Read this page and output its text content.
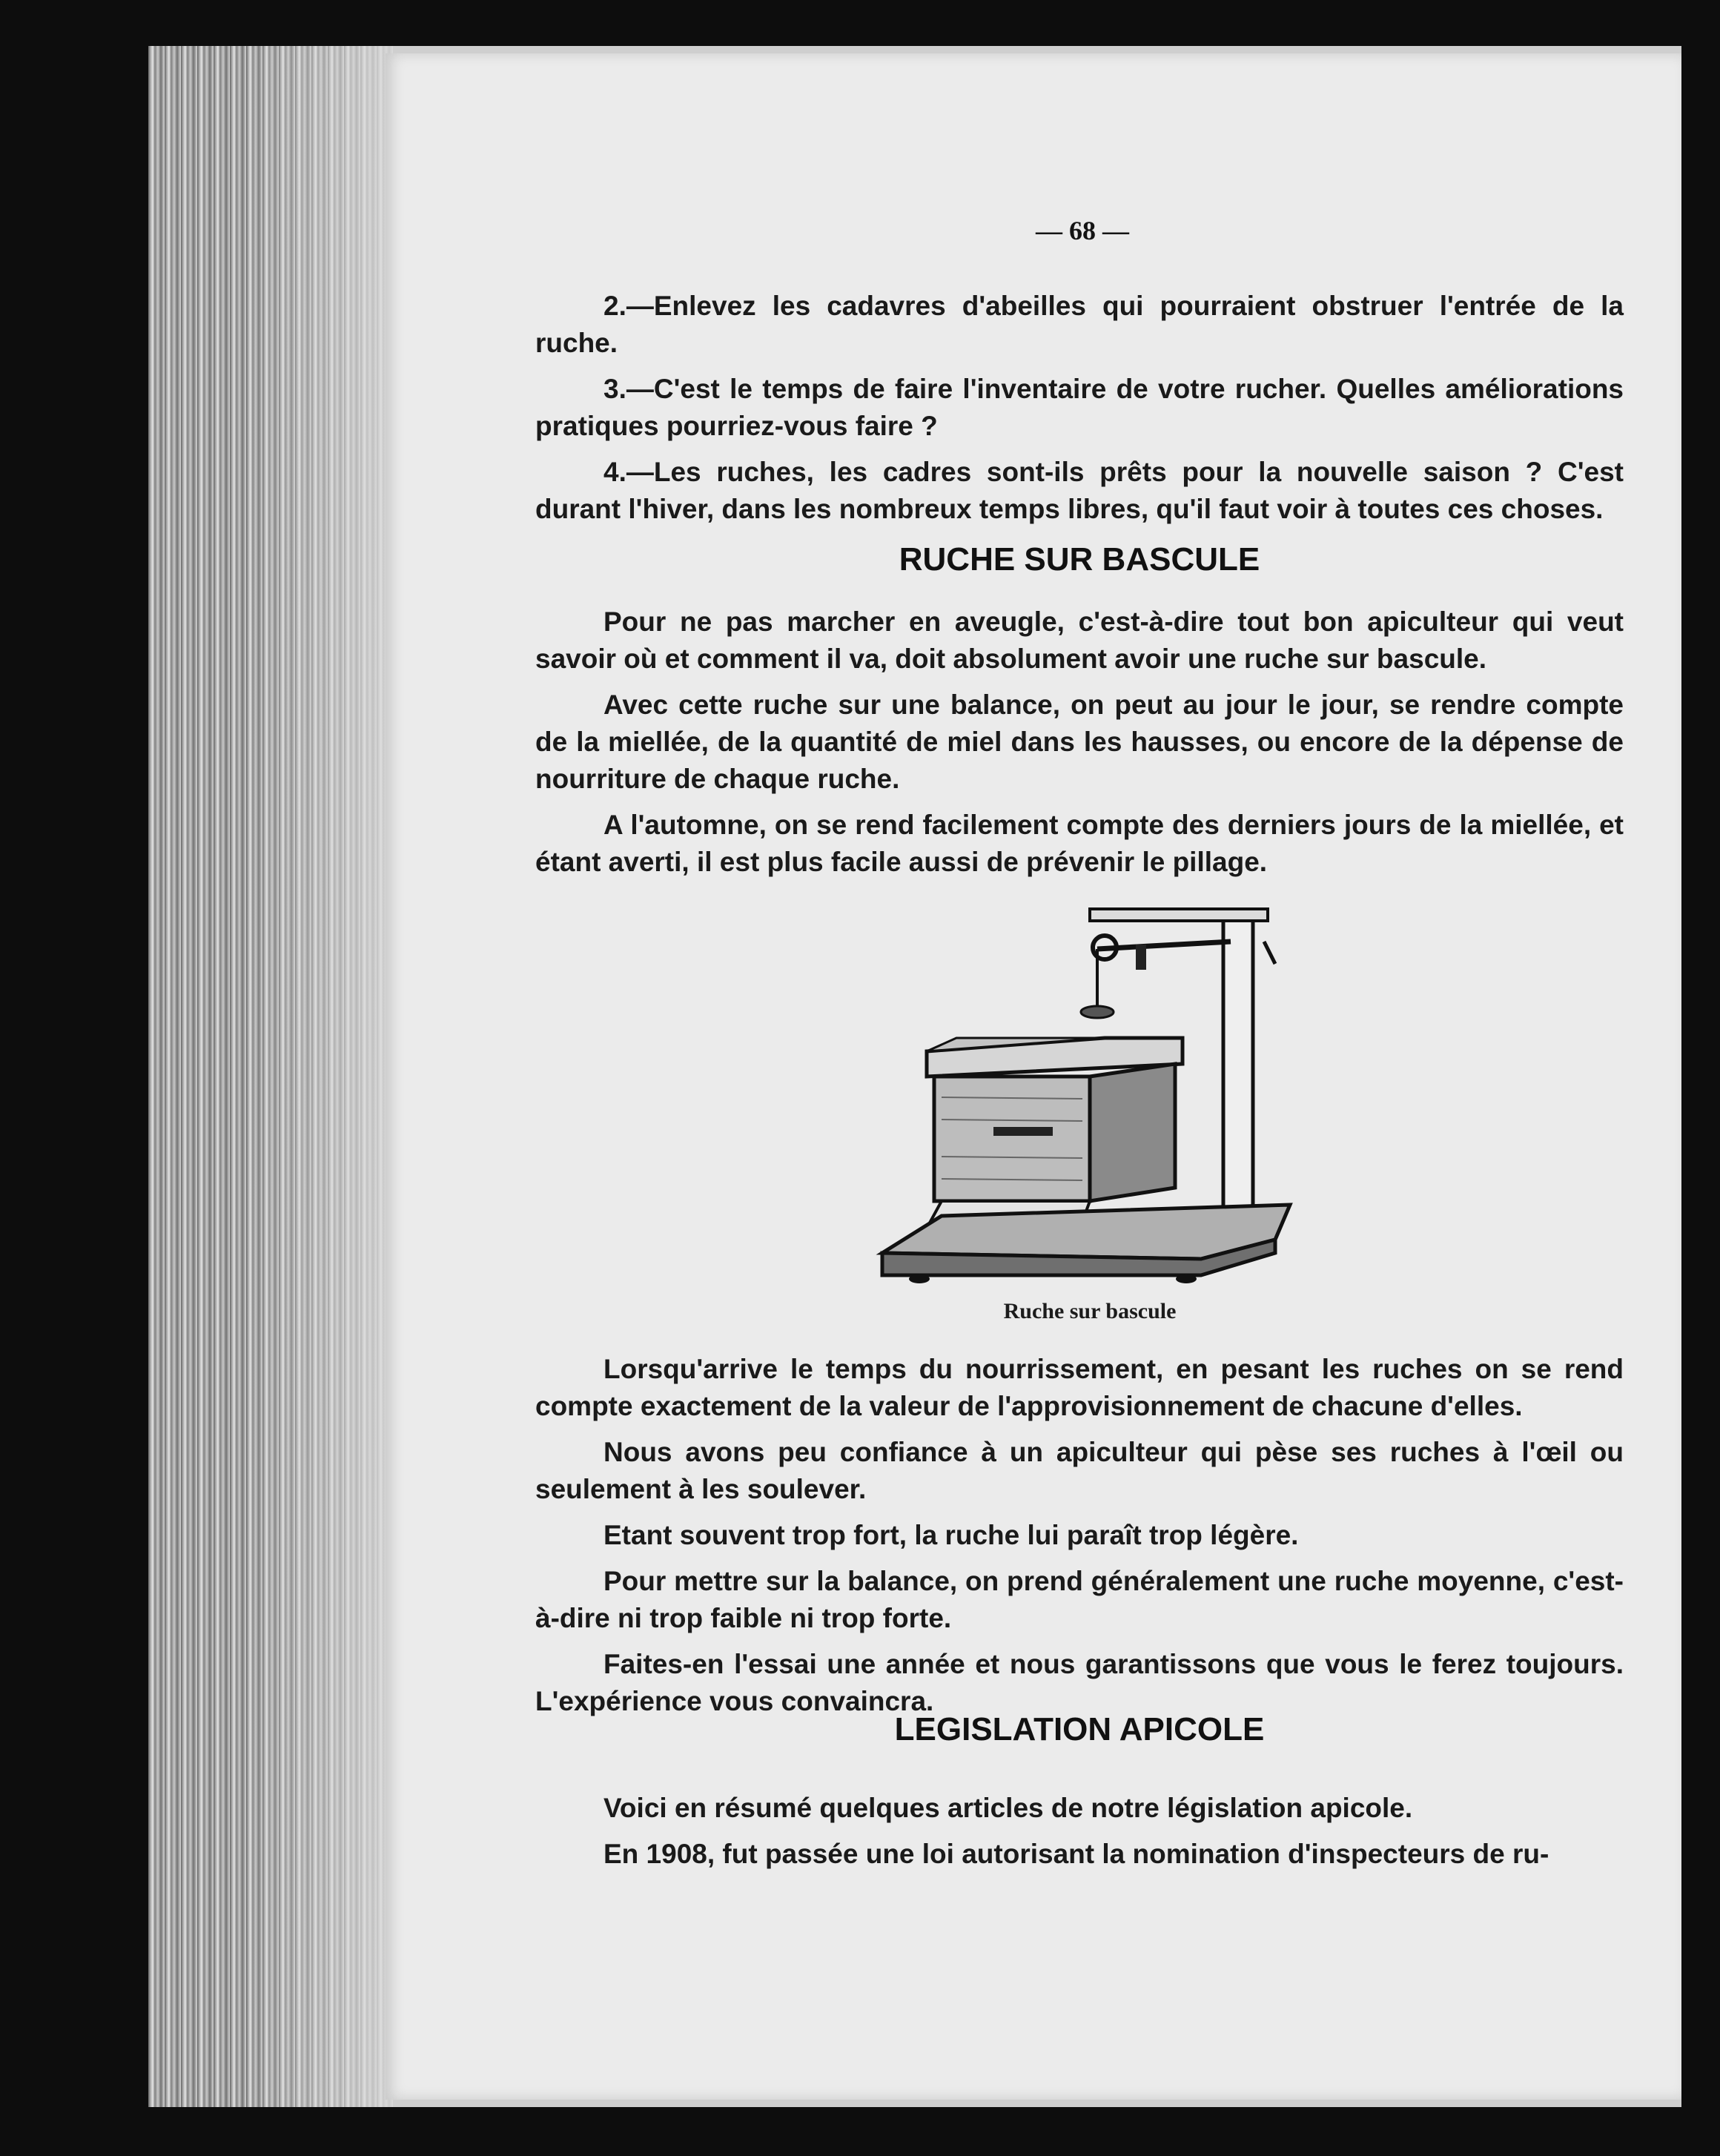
— 68 —

2.—Enlevez les cadavres d'abeilles qui pourraient obstruer l'entrée de la ruche.

3.—C'est le temps de faire l'inventaire de votre rucher. Quelles améliorations pratiques pourriez-vous faire ?

4.—Les ruches, les cadres sont-ils prêts pour la nouvelle saison ? C'est durant l'hiver, dans les nombreux temps libres, qu'il faut voir à toutes ces choses.

RUCHE SUR BASCULE

Pour ne pas marcher en aveugle, c'est-à-dire tout bon apiculteur qui veut savoir où et comment il va, doit absolument avoir une ruche sur bascule.

Avec cette ruche sur une balance, on peut au jour le jour, se rendre compte de la miellée, de la quantité de miel dans les hausses, ou encore de la dépense de nourriture de chaque ruche.

A l'automne, on se rend facilement compte des derniers jours de la miellée, et étant averti, il est plus facile aussi de prévenir le pillage.

Ruche sur bascule

Lorsqu'arrive le temps du nourrissement, en pesant les ruches on se rend compte exactement de la valeur de l'approvisionnement de chacune d'elles.

Nous avons peu confiance à un apiculteur qui pèse ses ruches à l'œil ou seulement à les soulever.

Etant souvent trop fort, la ruche lui paraît trop légère.

Pour mettre sur la balance, on prend généralement une ruche moyenne, c'est-à-dire ni trop faible ni trop forte.

Faites-en l'essai une année et nous garantissons que vous le ferez toujours. L'expérience vous convaincra.

LEGISLATION APICOLE

Voici en résumé quelques articles de notre législation apicole.

En 1908, fut passée une loi autorisant la nomination d'inspecteurs de ru-
